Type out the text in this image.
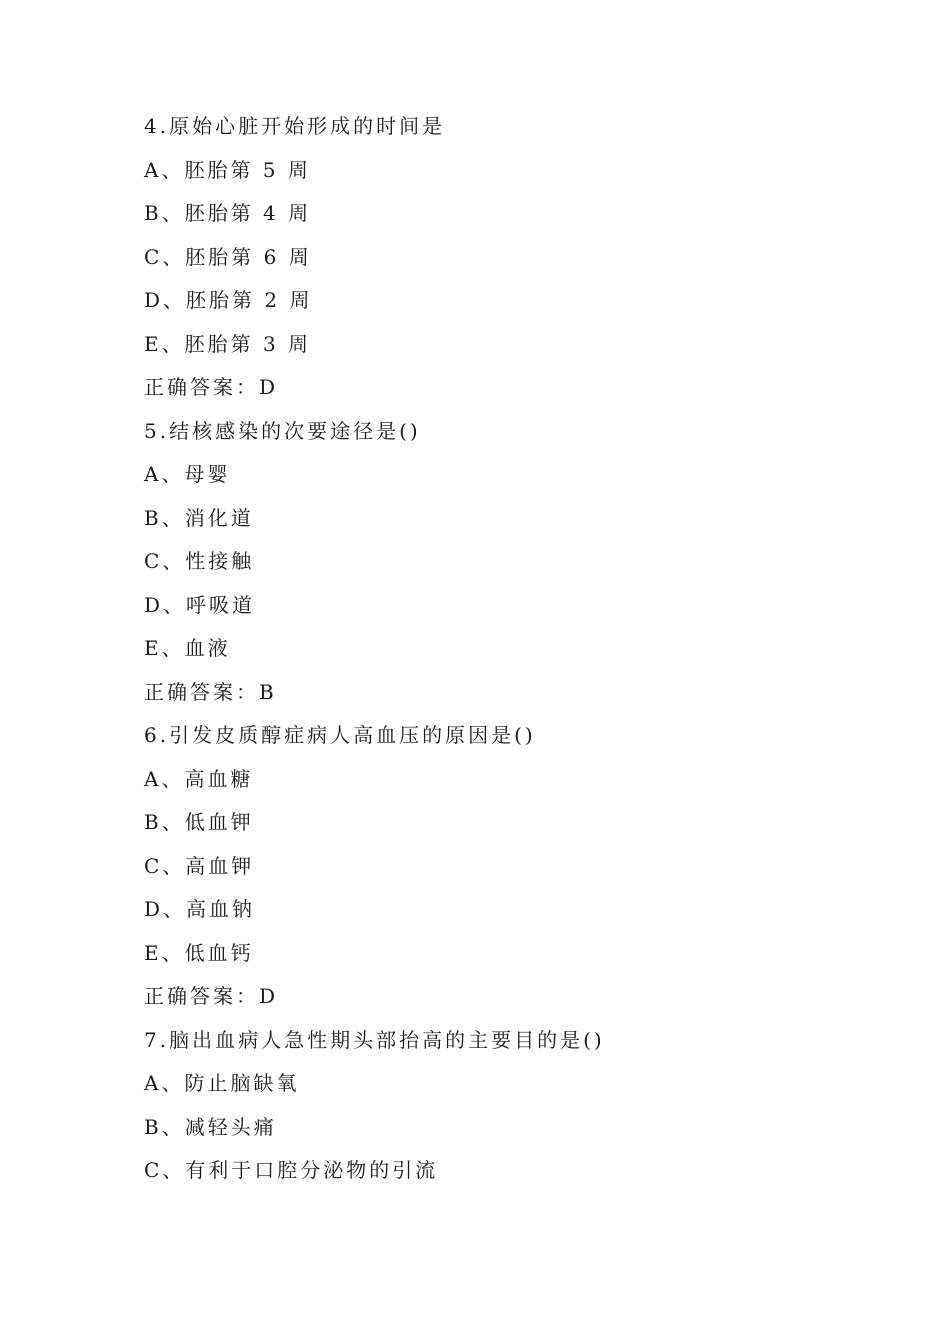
4.原始心脏开始形成的时间是
A、胚胎第 5 周
B、胚胎第 4 周
C、胚胎第 6 周
D、胚胎第 2 周
E、胚胎第 3 周
正确答案：D
5.结核感染的次要途径是()
A、母婴
B、消化道
C、性接触
D、呼吸道
E、血液
正确答案：B
6.引发皮质醇症病人高血压的原因是()
A、高血糖
B、低血钾
C、高血钾
D、高血钠
E、低血钙
正确答案：D
7.脑出血病人急性期头部抬高的主要目的是()
A、防止脑缺氧
B、减轻头痛
C、有利于口腔分泌物的引流
